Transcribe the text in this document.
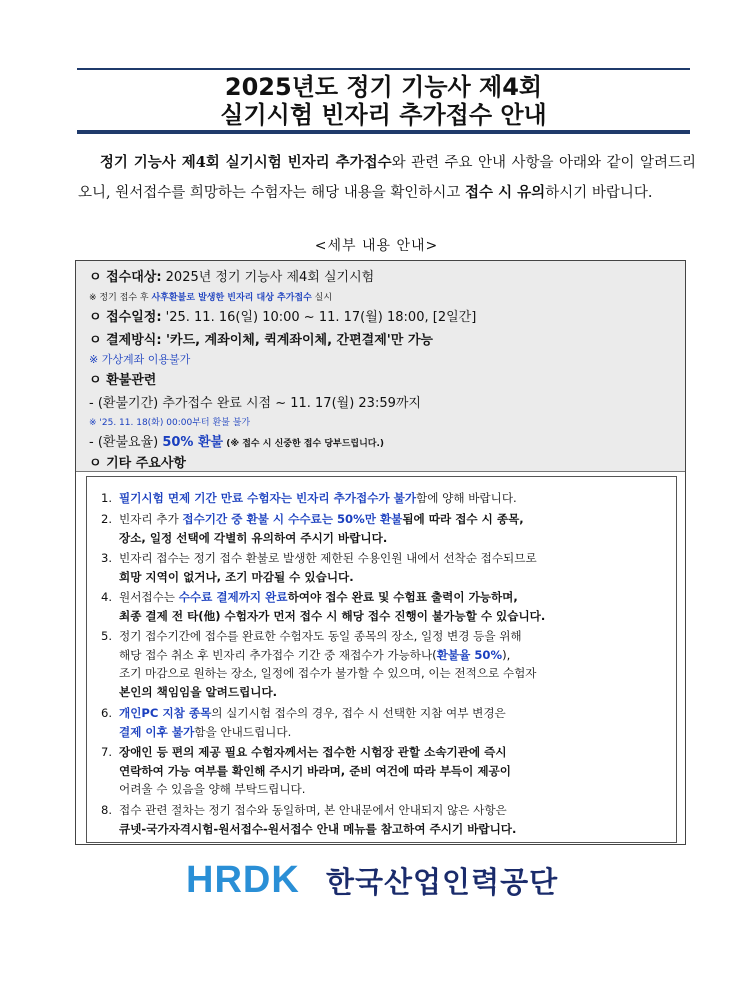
2025년도 정기 기능사 제4회
실기시험 빈자리 추가접수 안내
정기 기능사 제4회 실기시험 빈자리 추가접수와 관련 주요 안내 사항을 아래와 같이 알려드리오니, 원서접수를 희망하는 수험자는 해당 내용을 확인하시고 접수 시 유의하시기 바랍니다.
<세부 내용 안내>
ㅇ 접수대상: 2025년 정기 기능사 제4회 실기시험
※ 정기 접수 후 사후환불로 발생한 빈자리 대상 추가접수 실시
ㅇ 접수일정: '25. 11. 16(일) 10:00 ~ 11. 17(월) 18:00, [2일간]
ㅇ 결제방식: '카드, 계좌이체, 퀵계좌이체, 간편결제'만 가능
※ 가상계좌 이용불가
ㅇ 환불관련
- (환불기간) 추가접수 완료 시점 ~ 11. 17(월) 23:59까지
※ '25. 11. 18(화) 00:00부터 환불 불가
- (환불요율) 50% 환불 (※ 접수 시 신중한 접수 당부드립니다.)
ㅇ 기타 주요사항
1. 필기시험 면제 기간 만료 수험자는 빈자리 추가접수가 불가함에 양해 바랍니다.
2. 빈자리 추가 접수기간 중 환불 시 수수료는 50%만 환불됨에 따라 접수 시 종목,
장소, 일정 선택에 각별히 유의하여 주시기 바랍니다.
3. 빈자리 접수는 정기 접수 환불로 발생한 제한된 수용인원 내에서 선착순 접수되므로
희망 지역이 없거나, 조기 마감될 수 있습니다.
4. 원서접수는 수수료 결제까지 완료하여야 접수 완료 및 수험표 출력이 가능하며,
최종 결제 전 타(他) 수험자가 먼저 접수 시 해당 접수 진행이 불가능할 수 있습니다.
5. 정기 접수기간에 접수를 완료한 수험자도 동일 종목의 장소, 일정 변경 등을 위해
해당 접수 취소 후 빈자리 추가접수 기간 중 재접수가 가능하나(환불율 50%),
조기 마감으로 원하는 장소, 일정에 접수가 불가할 수 있으며, 이는 전적으로 수험자
본인의 책임임을 알려드립니다.
6. 개인PC 지참 종목의 실기시험 접수의 경우, 접수 시 선택한 지참 여부 변경은
결제 이후 불가함을 안내드립니다.
7. 장애인 등 편의 제공 필요 수험자께서는 접수한 시험장 관할 소속기관에 즉시
연락하여 가능 여부를 확인해 주시기 바라며, 준비 여건에 따라 부득이 제공이
어려울 수 있음을 양해 부탁드립니다.
8. 접수 관련 절차는 정기 접수와 동일하며, 본 안내문에서 안내되지 않은 사항은
큐넷-국가자격시험-원서접수-원서접수 안내 메뉴를 참고하여 주시기 바랍니다.
HRDK 한국산업인력공단
